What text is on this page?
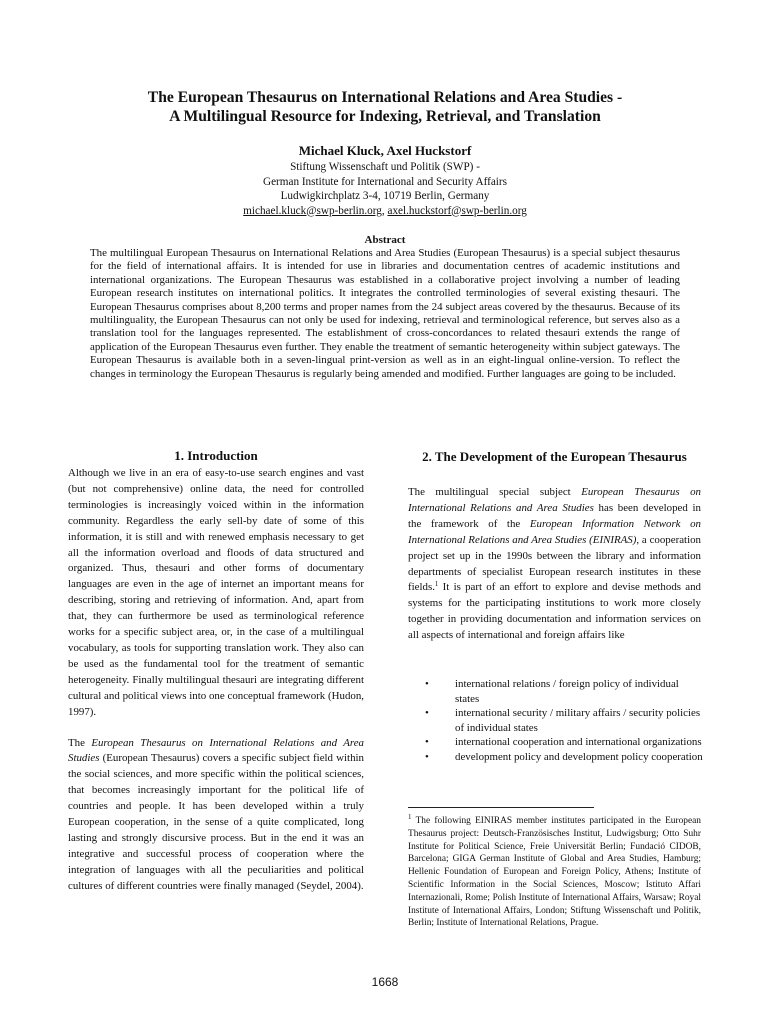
The European Thesaurus on International Relations and Area Studies -
A Multilingual Resource for Indexing, Retrieval, and Translation
Michael Kluck, Axel Huckstorf
Stiftung Wissenschaft und Politik (SWP) -
German Institute for International and Security Affairs
Ludwigkirchplatz 3-4, 10719 Berlin, Germany
michael.kluck@swp-berlin.org, axel.huckstorf@swp-berlin.org
Abstract
The multilingual European Thesaurus on International Relations and Area Studies (European Thesaurus) is a special subject thesaurus for the field of international affairs. It is intended for use in libraries and documentation centres of academic institutions and international organizations. The European Thesaurus was established in a collaborative project involving a number of leading European research institutes on international politics. It integrates the controlled terminologies of several existing thesauri. The European Thesaurus comprises about 8,200 terms and proper names from the 24 subject areas covered by the thesaurus. Because of its multilinguality, the European Thesaurus can not only be used for indexing, retrieval and terminological reference, but serves also as a translation tool for the languages represented. The establishment of cross-concordances to related thesauri extends the range of application of the European Thesaurus even further. They enable the treatment of semantic heterogeneity within subject gateways. The European Thesaurus is available both in a seven-lingual print-version as well as in an eight-lingual online-version. To reflect the changes in terminology the European Thesaurus is regularly being amended and modified. Further languages are going to be included.
1. Introduction

Although we live in an era of easy-to-use search engines and vast (but not comprehensive) online data, the need for controlled terminologies is increasingly voiced within in the information community. Regardless the early sell-by date of some of this information, it is still and with renewed emphasis necessary to get all the information overload and floods of data structured and organized. Thus, thesauri and other forms of documentary languages are even in the age of internet an important means for describing, storing and retrieving of information. And, apart from that, they can furthermore be used as terminological reference works for a specific subject area, or, in the case of a multilingual vocabulary, as tools for supporting translation work. They also can be used as the fundamental tool for the treatment of semantic heterogeneity. Finally multilingual thesauri are integrating different cultural and political views into one conceptual framework (Hudon, 1997).

The European Thesaurus on International Relations and Area Studies (European Thesaurus) covers a specific subject field within the social sciences, and more specific within the political sciences, that becomes increasingly important for the political life of countries and people. It has been developed within a truly European cooperation, in the sense of a quite complicated, long lasting and strongly discursive process. But in the end it was an integrative and successful process of cooperation where the integration of languages with all the peculiarities and political cultures of different countries were finally managed (Seydel, 2004).

2. The Development of the European Thesaurus

The multilingual special subject European Thesaurus on International Relations and Area Studies has been developed in the framework of the European Information Network on International Relations and Area Studies (EINIRAS), a cooperation project set up in the 1990s between the library and information departments of specialist European research institutes in these fields.$^1$ It is part of an effort to explore and devise methods and systems for the participating institutions to work more closely together in providing documentation and information services on all aspects of international and foreign affairs like

•	international relations / foreign policy of individual states
•	international security / military affairs / security policies of individual states
•	international cooperation and international organizations
•	development policy and development policy cooperation
$^1$ The following EINIRAS member institutes participated in the European Thesaurus project: Deutsch-Französisches Institut, Ludwigsburg; Otto Suhr Institute for Political Science, Freie Universität Berlin; Fundació CIDOB, Barcelona; GIGA German Institute of Global and Area Studies, Hamburg; Hellenic Foundation of European and Foreign Policy, Athens; Institute of Scientific Information in the Social Sciences, Moscow; Istituto Affari Internazionali, Rome; Polish Institute of International Affairs, Warsaw; Royal Institute of International Affairs, London; Stiftung Wissenschaft und Politik, Berlin; Institute of International Relations, Prague.
1668
